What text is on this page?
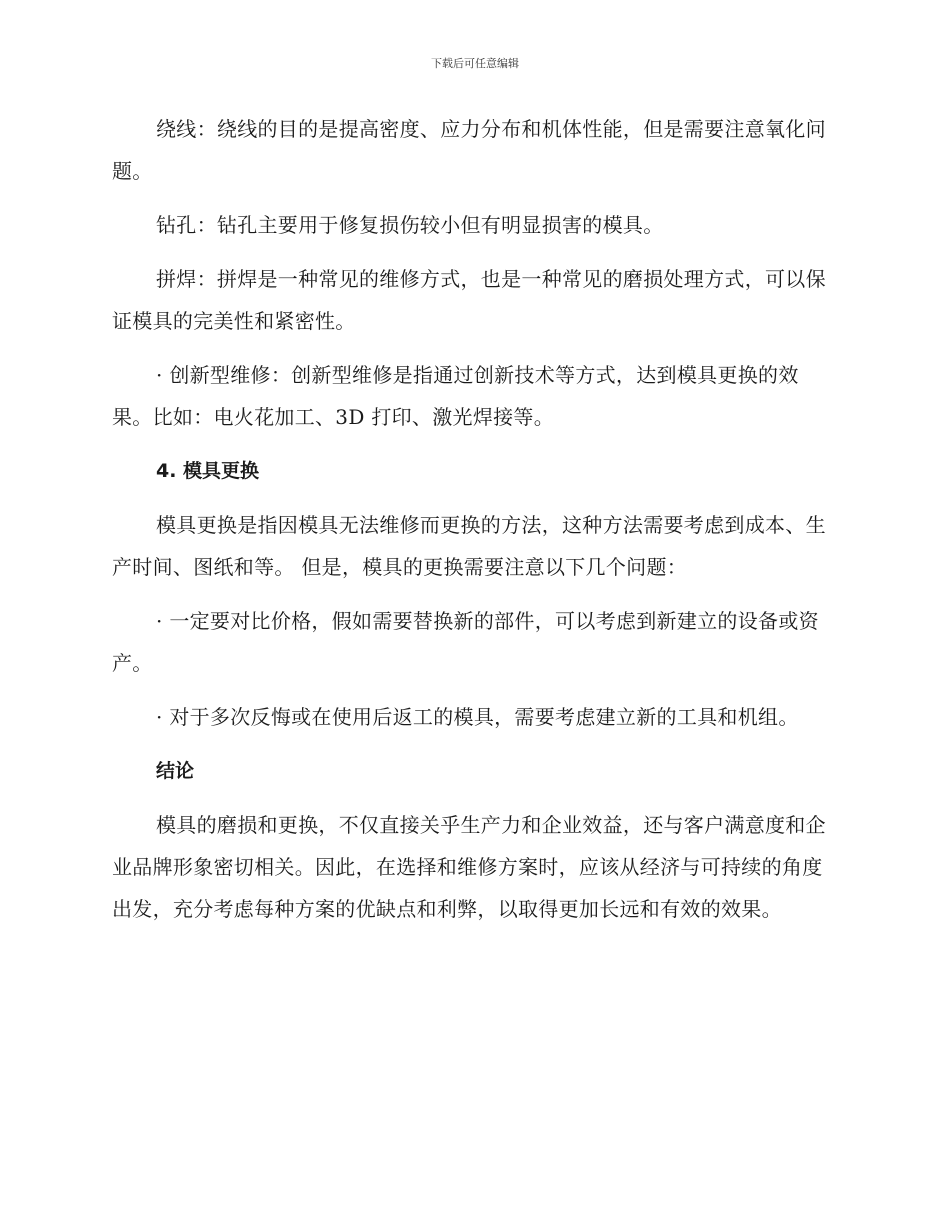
下载后可任意编辑

绕线：绕线的目的是提高密度、应力分布和机体性能，但是需要注意氧化问题。

钻孔：钻孔主要用于修复损伤较小但有明显损害的模具。

拼焊：拼焊是一种常见的维修方式，也是一种常见的磨损处理方式，可以保证模具的完美性和紧密性。

· 创新型维修：创新型维修是指通过创新技术等方式，达到模具更换的效果。比如：电火花加工、3D 打印、激光焊接等。

4. 模具更换

模具更换是指因模具无法维修而更换的方法，这种方法需要考虑到成本、生产时间、图纸和等。 但是，模具的更换需要注意以下几个问题：

· 一定要对比价格，假如需要替换新的部件，可以考虑到新建立的设备或资产。

· 对于多次反悔或在使用后返工的模具，需要考虑建立新的工具和机组。

结论

模具的磨损和更换，不仅直接关乎生产力和企业效益，还与客户满意度和企业品牌形象密切相关。因此，在选择和维修方案时，应该从经济与可持续的角度出发，充分考虑每种方案的优缺点和利弊，以取得更加长远和有效的效果。
